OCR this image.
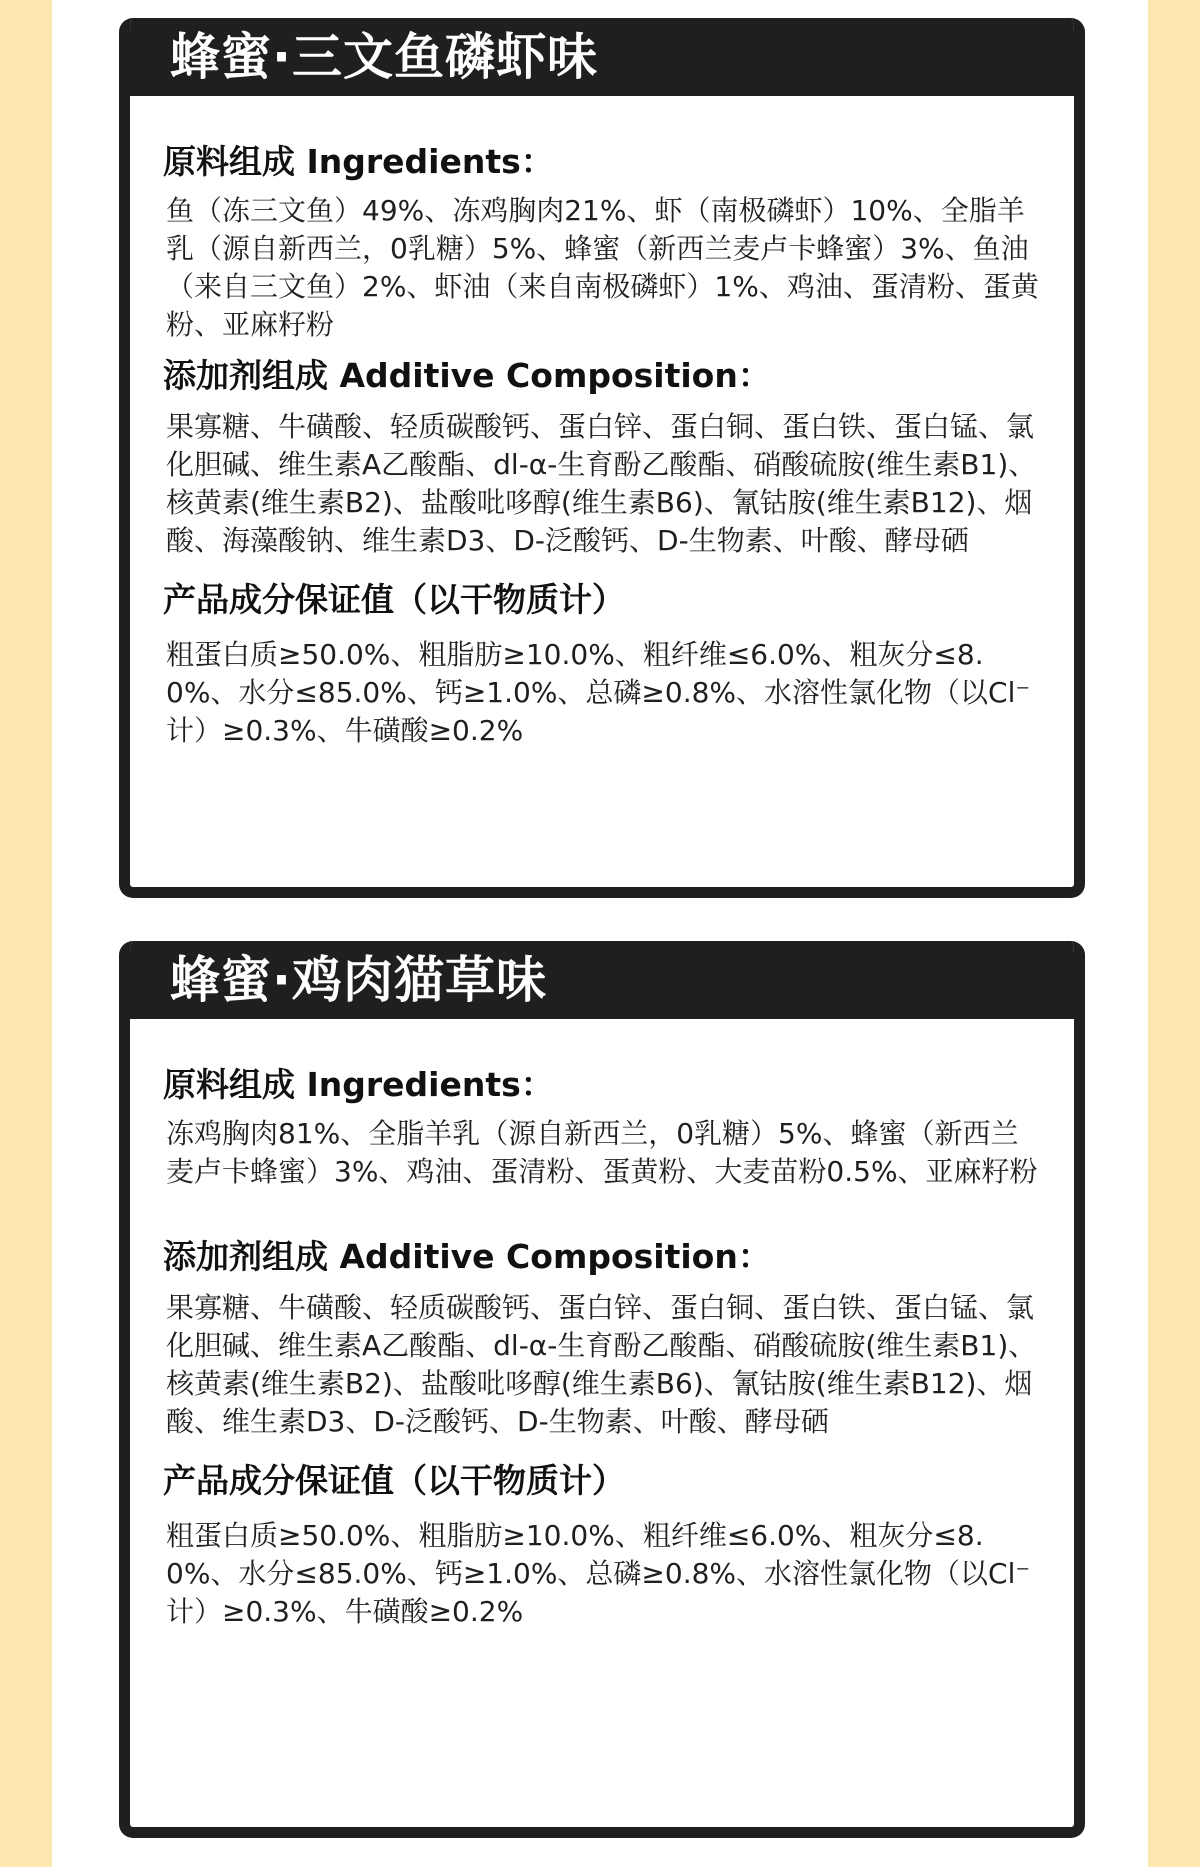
蜂蜜·三文鱼磷虾味
原料组成 Ingredients：
鱼（冻三文鱼）49%、冻鸡胸肉21%、虾（南极磷虾）10%、全脂羊乳（源自新西兰，0乳糖）5%、蜂蜜（新西兰麦卢卡蜂蜜）3%、鱼油（来自三文鱼）2%、虾油（来自南极磷虾）1%、鸡油、蛋清粉、蛋黄粉、亚麻籽粉
添加剂组成 Additive Composition：
果寡糖、牛磺酸、轻质碳酸钙、蛋白锌、蛋白铜、蛋白铁、蛋白锰、氯化胆碱、维生素A乙酸酯、dl-α-生育酚乙酸酯、硝酸硫胺(维生素B1)、核黄素(维生素B2)、盐酸吡哆醇(维生素B6)、氰钴胺(维生素B12)、烟酸、海藻酸钠、维生素D3、D-泛酸钙、D-生物素、叶酸、酵母硒
产品成分保证值（以干物质计）
粗蛋白质≥50.0%、粗脂肪≥10.0%、粗纤维≤6.0%、粗灰分≤8.0%、水分≤85.0%、钙≥1.0%、总磷≥0.8%、水溶性氯化物（以Cl⁻计）≥0.3%、牛磺酸≥0.2%
蜂蜜·鸡肉猫草味
原料组成 Ingredients：
冻鸡胸肉81%、全脂羊乳（源自新西兰，0乳糖）5%、蜂蜜（新西兰麦卢卡蜂蜜）3%、鸡油、蛋清粉、蛋黄粉、大麦苗粉0.5%、亚麻籽粉
添加剂组成 Additive Composition：
果寡糖、牛磺酸、轻质碳酸钙、蛋白锌、蛋白铜、蛋白铁、蛋白锰、氯化胆碱、维生素A乙酸酯、dl-α-生育酚乙酸酯、硝酸硫胺(维生素B1)、核黄素(维生素B2)、盐酸吡哆醇(维生素B6)、氰钴胺(维生素B12)、烟酸、维生素D3、D-泛酸钙、D-生物素、叶酸、酵母硒
产品成分保证值（以干物质计）
粗蛋白质≥50.0%、粗脂肪≥10.0%、粗纤维≤6.0%、粗灰分≤8.0%、水分≤85.0%、钙≥1.0%、总磷≥0.8%、水溶性氯化物（以Cl⁻计）≥0.3%、牛磺酸≥0.2%
